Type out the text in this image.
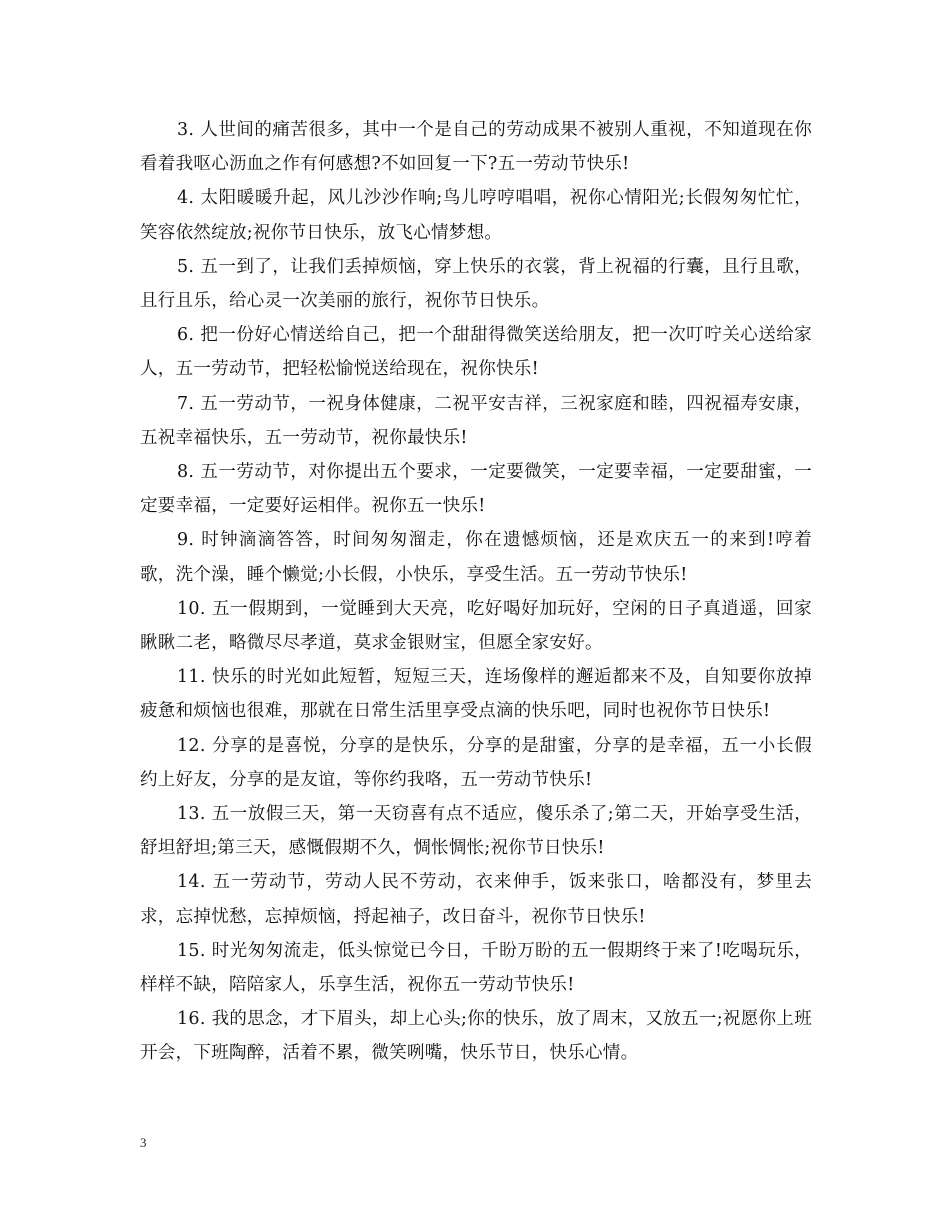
3. 人世间的痛苦很多，其中一个是自己的劳动成果不被别人重视，不知道现在你看着我呕心沥血之作有何感想?不如回复一下?五一劳动节快乐!

4. 太阳暖暖升起，风儿沙沙作响;鸟儿哼哼唱唱，祝你心情阳光;长假匆匆忙忙，笑容依然绽放;祝你节日快乐，放飞心情梦想。

5. 五一到了，让我们丢掉烦恼，穿上快乐的衣裳，背上祝福的行囊，且行且歌，且行且乐，给心灵一次美丽的旅行，祝你节日快乐。

6. 把一份好心情送给自己，把一个甜甜得微笑送给朋友，把一次叮咛关心送给家人，五一劳动节，把轻松愉悦送给现在，祝你快乐!

7. 五一劳动节，一祝身体健康，二祝平安吉祥，三祝家庭和睦，四祝福寿安康，五祝幸福快乐，五一劳动节，祝你最快乐!

8. 五一劳动节，对你提出五个要求，一定要微笑，一定要幸福，一定要甜蜜，一定要幸福，一定要好运相伴。祝你五一快乐!

9. 时钟滴滴答答，时间匆匆溜走，你在遗憾烦恼，还是欢庆五一的来到!哼着歌，洗个澡，睡个懒觉;小长假，小快乐，享受生活。五一劳动节快乐!

10. 五一假期到，一觉睡到大天亮，吃好喝好加玩好，空闲的日子真逍遥，回家瞅瞅二老，略微尽尽孝道，莫求金银财宝，但愿全家安好。

11. 快乐的时光如此短暂，短短三天，连场像样的邂逅都来不及，自知要你放掉疲惫和烦恼也很难，那就在日常生活里享受点滴的快乐吧，同时也祝你节日快乐!

12. 分享的是喜悦，分享的是快乐，分享的是甜蜜，分享的是幸福，五一小长假约上好友，分享的是友谊，等你约我咯，五一劳动节快乐!

13. 五一放假三天，第一天窃喜有点不适应，傻乐杀了;第二天，开始享受生活，舒坦舒坦;第三天，感慨假期不久，惆怅惆怅;祝你节日快乐!

14. 五一劳动节，劳动人民不劳动，衣来伸手，饭来张口，啥都没有，梦里去求，忘掉忧愁，忘掉烦恼，捋起袖子，改日奋斗，祝你节日快乐!

15. 时光匆匆流走，低头惊觉已今日，千盼万盼的五一假期终于来了!吃喝玩乐，样样不缺，陪陪家人，乐享生活，祝你五一劳动节快乐!

16. 我的思念，才下眉头，却上心头;你的快乐，放了周末，又放五一;祝愿你上班开会，下班陶醉，活着不累，微笑咧嘴，快乐节日，快乐心情。

3
